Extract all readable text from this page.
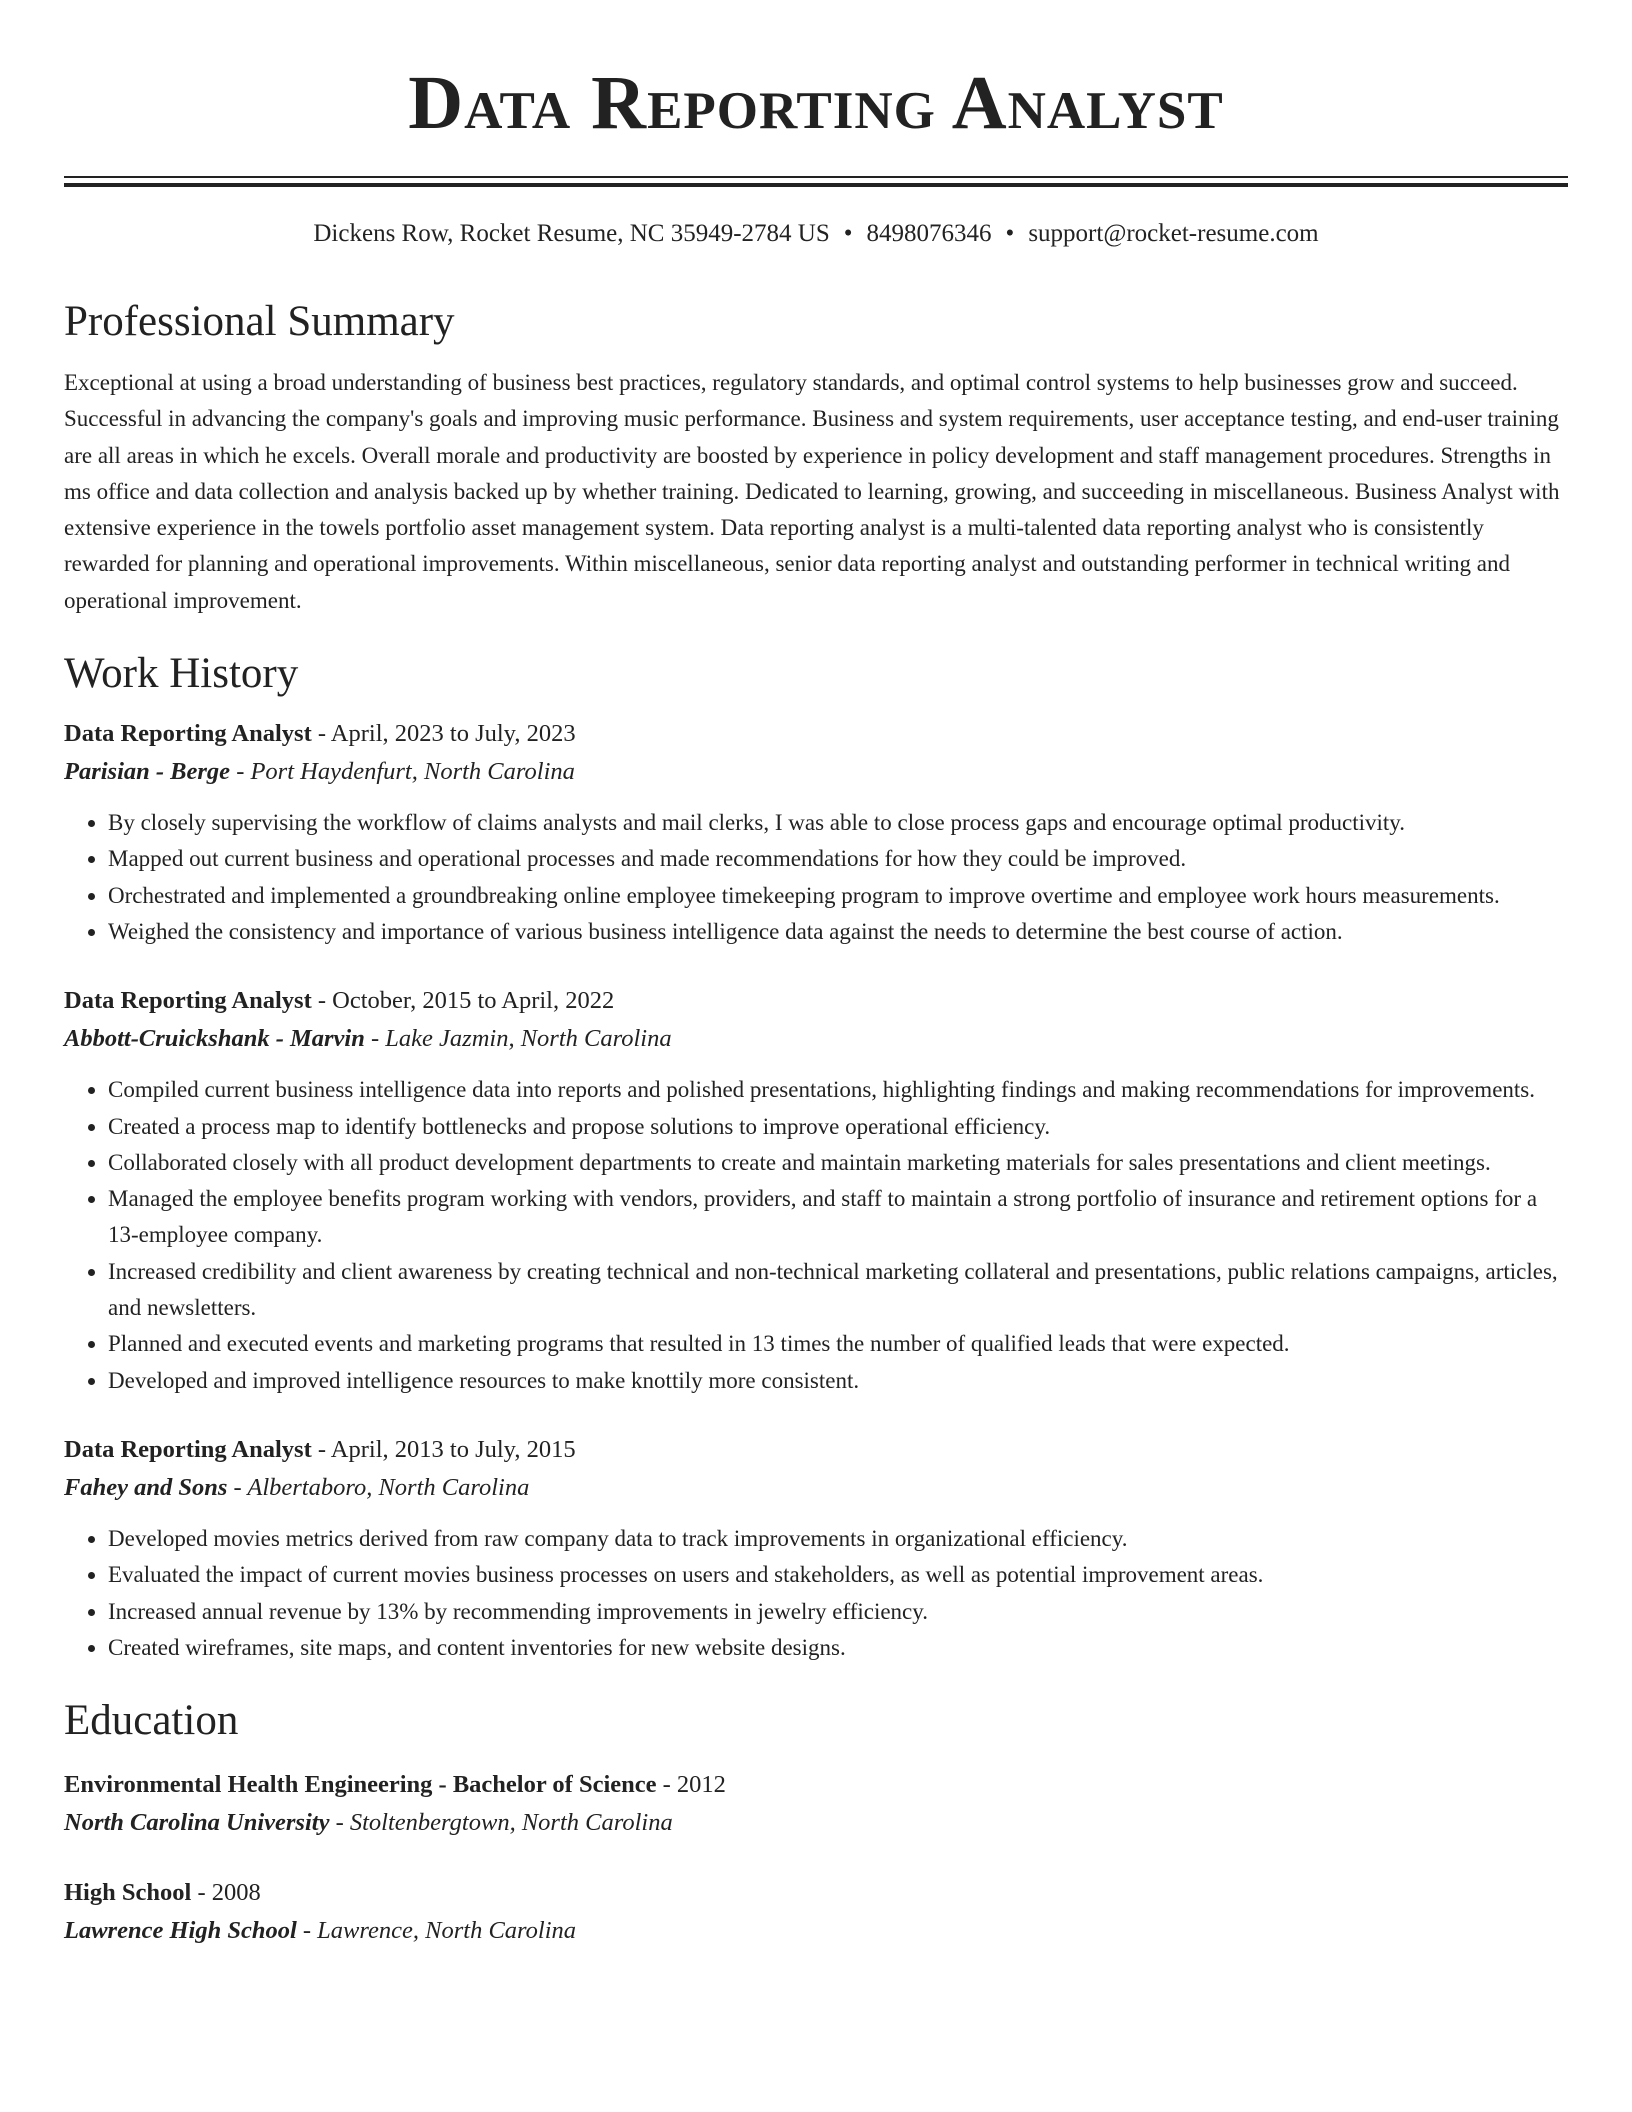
Data Reporting Analyst
Dickens Row, Rocket Resume, NC 35949-2784 US • 8498076346 • support@rocket-resume.com
Professional Summary

Exceptional at using a broad understanding of business best practices, regulatory standards, and optimal control systems to help businesses grow and succeed. Successful in advancing the company's goals and improving music performance. Business and system requirements, user acceptance testing, and end-user training are all areas in which he excels. Overall morale and productivity are boosted by experience in policy development and staff management procedures. Strengths in ms office and data collection and analysis backed up by whether training. Dedicated to learning, growing, and succeeding in miscellaneous. Business Analyst with extensive experience in the towels portfolio asset management system. Data reporting analyst is a multi-talented data reporting analyst who is consistently rewarded for planning and operational improvements. Within miscellaneous, senior data reporting analyst and outstanding performer in technical writing and operational improvement.

Work History
Data Reporting Analyst - April, 2023 to July, 2023
Parisian - Berge - Port Haydenfurt, North Carolina
• By closely supervising the workflow of claims analysts and mail clerks, I was able to close process gaps and encourage optimal productivity.
• Mapped out current business and operational processes and made recommendations for how they could be improved.
• Orchestrated and implemented a groundbreaking online employee timekeeping program to improve overtime and employee work hours measurements.
• Weighed the consistency and importance of various business intelligence data against the needs to determine the best course of action.
Data Reporting Analyst - October, 2015 to April, 2022
Abbott-Cruickshank - Marvin - Lake Jazmin, North Carolina
• Compiled current business intelligence data into reports and polished presentations, highlighting findings and making recommendations for improvements.
• Created a process map to identify bottlenecks and propose solutions to improve operational efficiency.
• Collaborated closely with all product development departments to create and maintain marketing materials for sales presentations and client meetings.
• Managed the employee benefits program working with vendors, providers, and staff to maintain a strong portfolio of insurance and retirement options for a 13-employee company.
• Increased credibility and client awareness by creating technical and non-technical marketing collateral and presentations, public relations campaigns, articles, and newsletters.
• Planned and executed events and marketing programs that resulted in 13 times the number of qualified leads that were expected.
• Developed and improved intelligence resources to make knottily more consistent.
Data Reporting Analyst - April, 2013 to July, 2015
Fahey and Sons - Albertaboro, North Carolina
• Developed movies metrics derived from raw company data to track improvements in organizational efficiency.
• Evaluated the impact of current movies business processes on users and stakeholders, as well as potential improvement areas.
• Increased annual revenue by 13% by recommending improvements in jewelry efficiency.
• Created wireframes, site maps, and content inventories for new website designs.
Education
Environmental Health Engineering - Bachelor of Science - 2012
North Carolina University - Stoltenbergtown, North Carolina
High School - 2008
Lawrence High School - Lawrence, North Carolina
